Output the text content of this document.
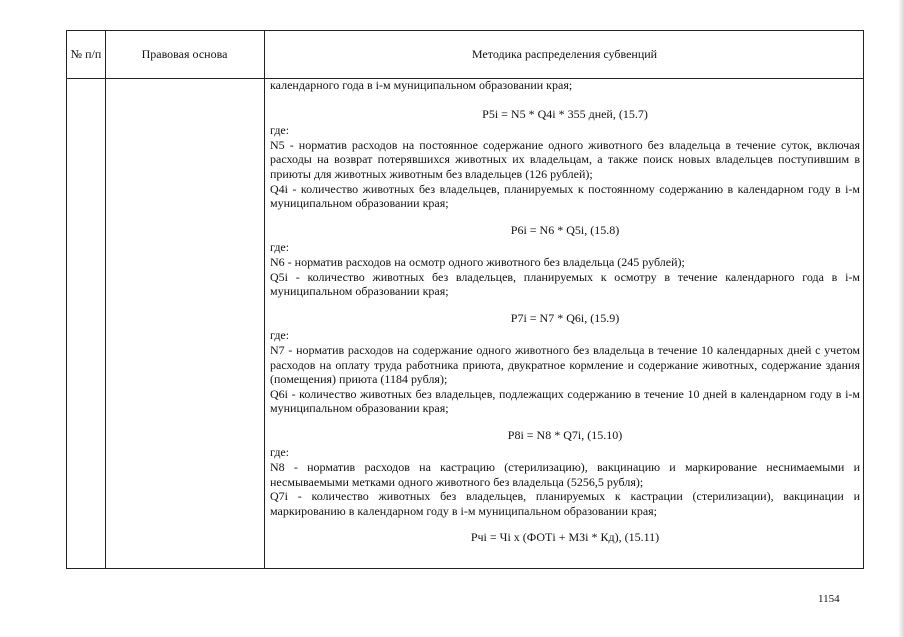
№ п/п	Правовая основа	Методика распределения субвенций

календарного года в i-м муниципальном образовании края;

P5i = N5 * Q4i * 355 дней, (15.7)

где:

N5 - норматив расходов на постоянное содержание одного животного без владельца в течение суток, включая расходы на возврат потерявшихся животных их владельцам, а также поиск новых владельцев поступившим в приюты для животных животным без владельцев (126 рублей);

Q4i - количество животных без владельцев, планируемых к постоянному содержанию в календарном году в i-м муниципальном образовании края;

P6i = N6 * Q5i, (15.8)

где:

N6 - норматив расходов на осмотр одного животного без владельца (245 рублей);

Q5i - количество животных без владельцев, планируемых к осмотру в течение календарного года в i-м муниципальном образовании края;

P7i = N7 * Q6i, (15.9)

где:

N7 - норматив расходов на содержание одного животного без владельца в течение 10 календарных дней с учетом расходов на оплату труда работника приюта, двукратное кормление и содержание животных, содержание здания (помещения) приюта (1184 рубля);

Q6i - количество животных без владельцев, подлежащих содержанию в течение 10 дней в календарном году в i-м муниципальном образовании края;

P8i = N8 * Q7i, (15.10)

где:

N8 - норматив расходов на кастрацию (стерилизацию), вакцинацию и маркирование неснимаемыми и несмываемыми метками одного животного без владельца (5256,5 рубля);

Q7i - количество животных без владельцев, планируемых к кастрации (стерилизации), вакцинации и маркированию в календарном году в i-м муниципальном образовании края;

Рчi = Чi х (ФОТi + МЗi * Кд), (15.11)

1154
